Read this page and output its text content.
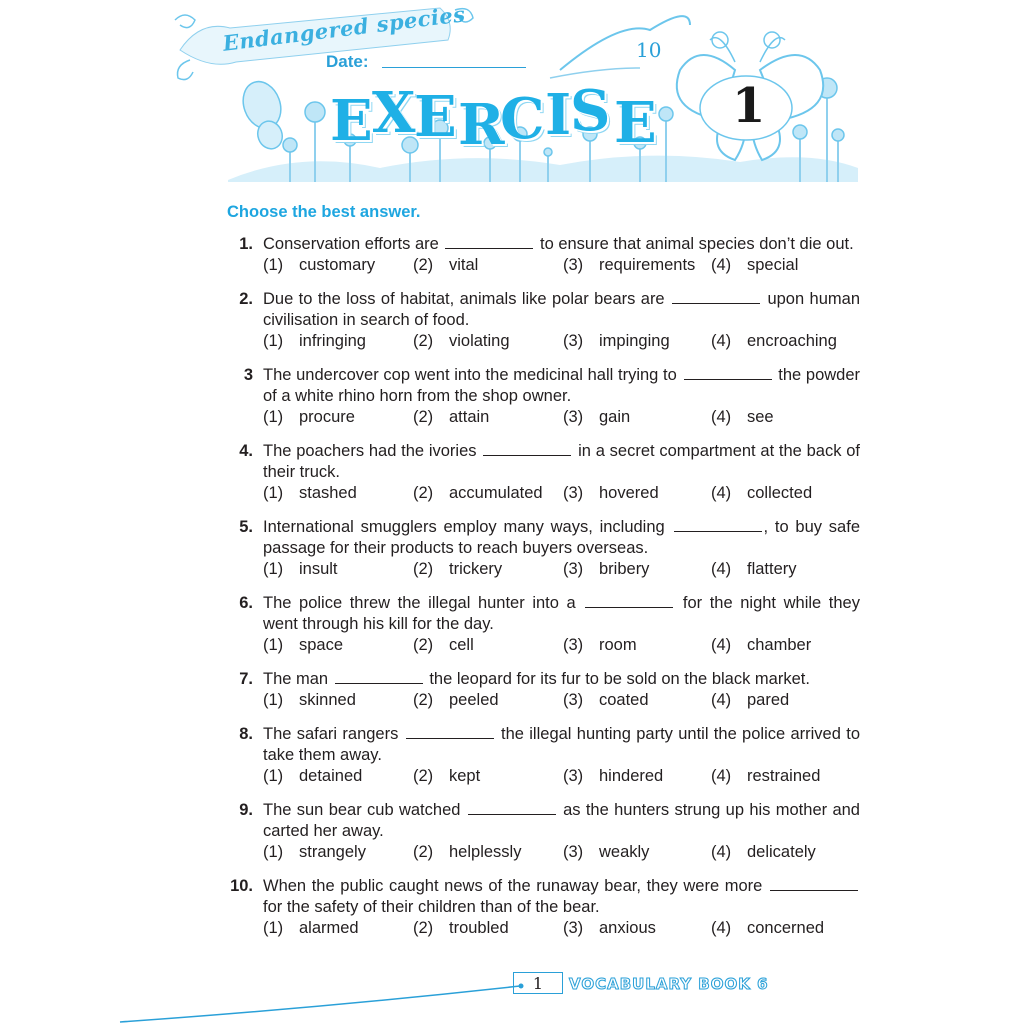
Endangered species
Date:	10
E X
E R
C I
S E 1
Choose the best answer.
1. Conservation efforts are	to ensure that animal species don’t die out.
(1) customary (2) vital	(3) requirements (4) special
2. Due to the loss of habitat, animals like polar bears are	upon human civilisation in search of food.
(1) infringing	(2) violating	(3) impinging	(4) encroaching
3 The undercover cop went into the medicinal hall trying to	the powder of a white rhino horn from the shop owner.
(1) procure	(2) attain	(3) gain	(4) see
4. The poachers had the ivories	in a secret compartment at the back of their truck.
(1) stashed	(2) accumulated (3) hovered	(4) collected
5. International smugglers employ many ways, including	, to buy safe passage for their products to reach buyers overseas.
(1) insult	(2) trickery	(3) bribery	(4) flattery
6. The police threw the illegal hunter into a	for the night while they went through his kill for the day.
(1) space	(2) cell	(3) room	(4) chamber
7. The man	the leopard for its fur to be sold on the black market.
(1) skinned	(2) peeled	(3) coated	(4) pared
8. The safari rangers	the illegal hunting party until the police arrived to take them away.
(1) detained	(2) kept	(3) hindered	(4) restrained
9. The sun bear cub watched	as the hunters strung up his mother and carted her away.
(1) strangely	(2) helplessly	(3) weakly	(4) delicately
10. When the public caught news of the runaway bear, they were more  for the safety of their children than of the bear.
(1) alarmed	(2) troubled	(3) anxious	(4) concerned
1	VOCABULARY BOOK 6
